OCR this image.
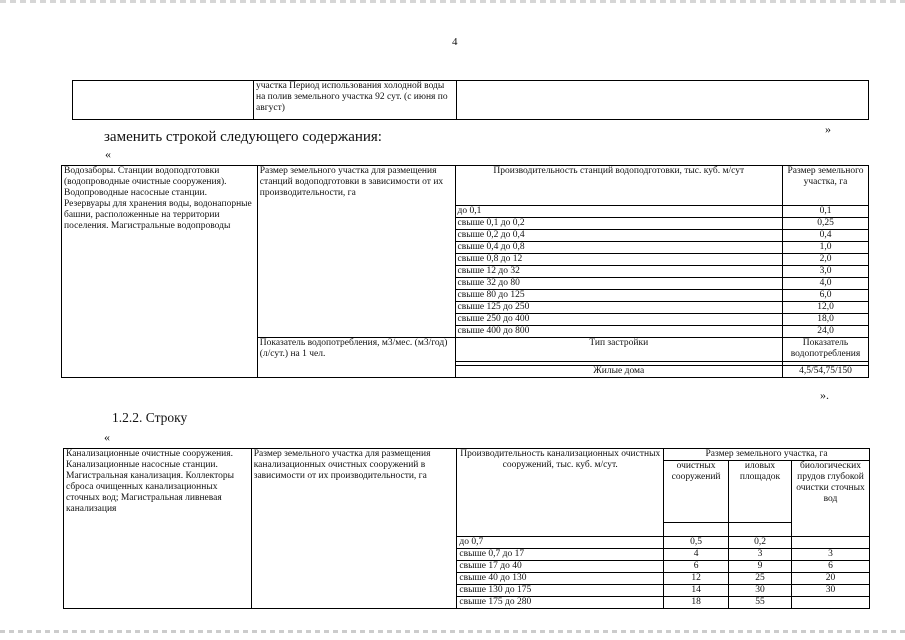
4
	участка Период использования холодной воды на полив земельного участка 92 сут. (с июня по август)	
заменить строкой следующего содержания:
«
»
Водозаборы. Станции водоподготовки (водопроводные очистные сооружения). Водопроводные насосные станции. Резервуары для хранения воды, водонапорные башни, расположенные на территории поселения. Магистральные водопроводы	Размер земельного участка для размещения станций водоподготовки в зависимости от их производительности, га	Производительность станций водоподготовки, тыс. куб. м/сут	Размер земельного участка, га
		до 0,1	0,1
		свыше 0,1 до 0,2	0,25
		свыше 0,2 до 0,4	0,4
		свыше 0,4 до 0,8	1,0
		свыше 0,8 до 12	2,0
		свыше 12 до 32	3,0
		свыше 32 до 80	4,0
		свыше 80 до 125	6,0
		свыше 125 до 250	12,0
		свыше 250 до 400	18,0
		свыше 400 до 800	24,0
	Показатель водопотребления, м3/мес. (м3/год) (л/сут.) на 1 чел.	Тип застройки	Показатель водопотребления

		Жилые дома	4,5/54,75/150
».
1.2.2. Строку
«
Канализационные очистные сооружения. Канализационные насосные станции. Магистральная канализация. Коллекторы сброса очищенных канализационных сточных вод; Магистральная ливневая канализация	Размер земельного участка для размещения канализационных очистных сооружений в зависимости от их производительности, га	Производительность канализационных очистных сооружений, тыс. куб. м/сут.	Размер земельного участка, га		
			очистных сооружений	иловых площадок	биологических прудов глубокой очистки сточных вод

		до 0,7	0,5	0,2	
		свыше 0,7 до 17	4	3	3
		свыше 17 до 40	6	9	6
		свыше 40 до 130	12	25	20
		свыше 130 до 175	14	30	30
		свыше 175 до 280	18	55	
